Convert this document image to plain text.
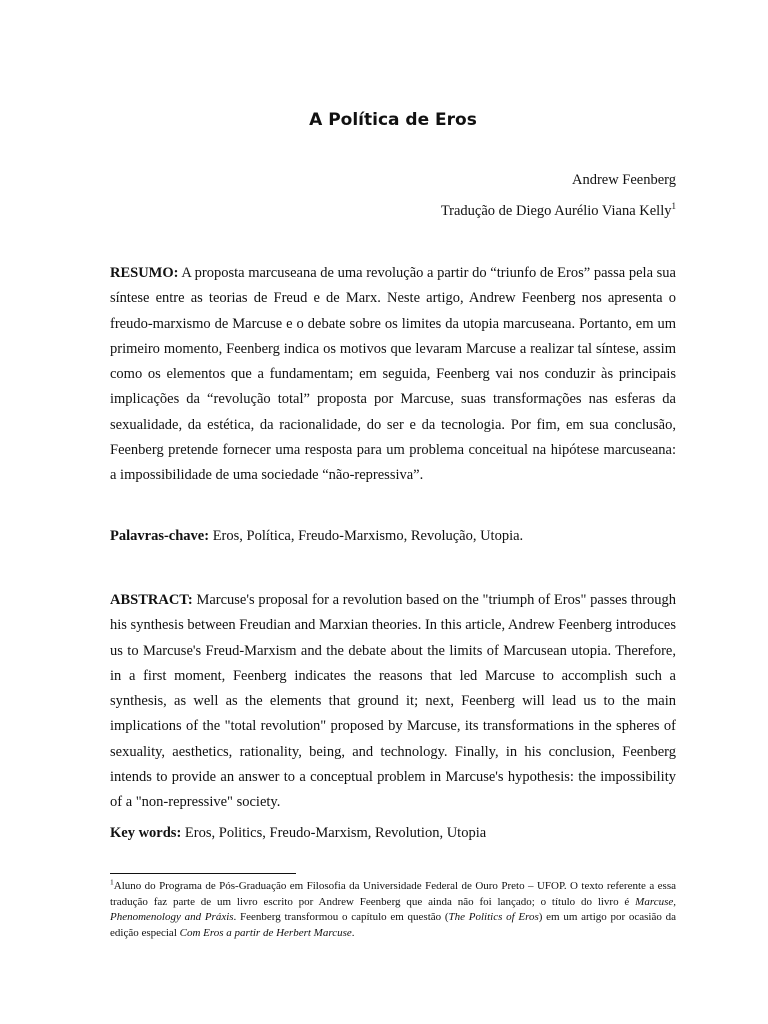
A Política de Eros
Andrew Feenberg
Tradução de Diego Aurélio Viana Kelly$^1$

RESUMO: A proposta marcuseana de uma revolução a partir do “triunfo de Eros” passa pela sua síntese entre as teorias de Freud e de Marx. Neste artigo, Andrew Feenberg nos apresenta o freudo-marxismo de Marcuse e o debate sobre os limites da utopia marcuseana. Portanto, em um primeiro momento, Feenberg indica os motivos que levaram Marcuse a realizar tal síntese, assim como os elementos que a fundamentam; em seguida, Feenberg vai nos conduzir às principais implicações da “revolução total” proposta por Marcuse, suas transformações nas esferas da sexualidade, da estética, da racionalidade, do ser e da tecnologia. Por fim, em sua conclusão, Feenberg pretende fornecer uma resposta para um problema conceitual na hipótese marcuseana: a impossibilidade de uma sociedade “não-repressiva”.

Palavras-chave: Eros, Política, Freudo-Marxismo, Revolução, Utopia.

ABSTRACT: Marcuse's proposal for a revolution based on the "triumph of Eros" passes through his synthesis between Freudian and Marxian theories. In this article, Andrew Feenberg introduces us to Marcuse's Freud-Marxism and the debate about the limits of Marcusean utopia. Therefore, in a first moment, Feenberg indicates the reasons that led Marcuse to accomplish such a synthesis, as well as the elements that ground it; next, Feenberg will lead us to the main implications of the "total revolution" proposed by Marcuse, its transformations in the spheres of sexuality, aesthetics, rationality, being, and technology. Finally, in his conclusion, Feenberg intends to provide an answer to a conceptual problem in Marcuse's hypothesis: the impossibility of a "non-repressive" society.

Key words: Eros, Politics, Freudo-Marxism, Revolution, Utopia

$^1$Aluno do Programa de Pós-Graduação em Filosofia da Universidade Federal de Ouro Preto – UFOP. O texto referente a essa tradução faz parte de um livro escrito por Andrew Feenberg que ainda não foi lançado; o título do livro é Marcuse, Phenomenology and Práxis. Feenberg transformou o capítulo em questão (The Politics of Eros) em um artigo por ocasião da edição especial Com Eros a partir de Herbert Marcuse.
